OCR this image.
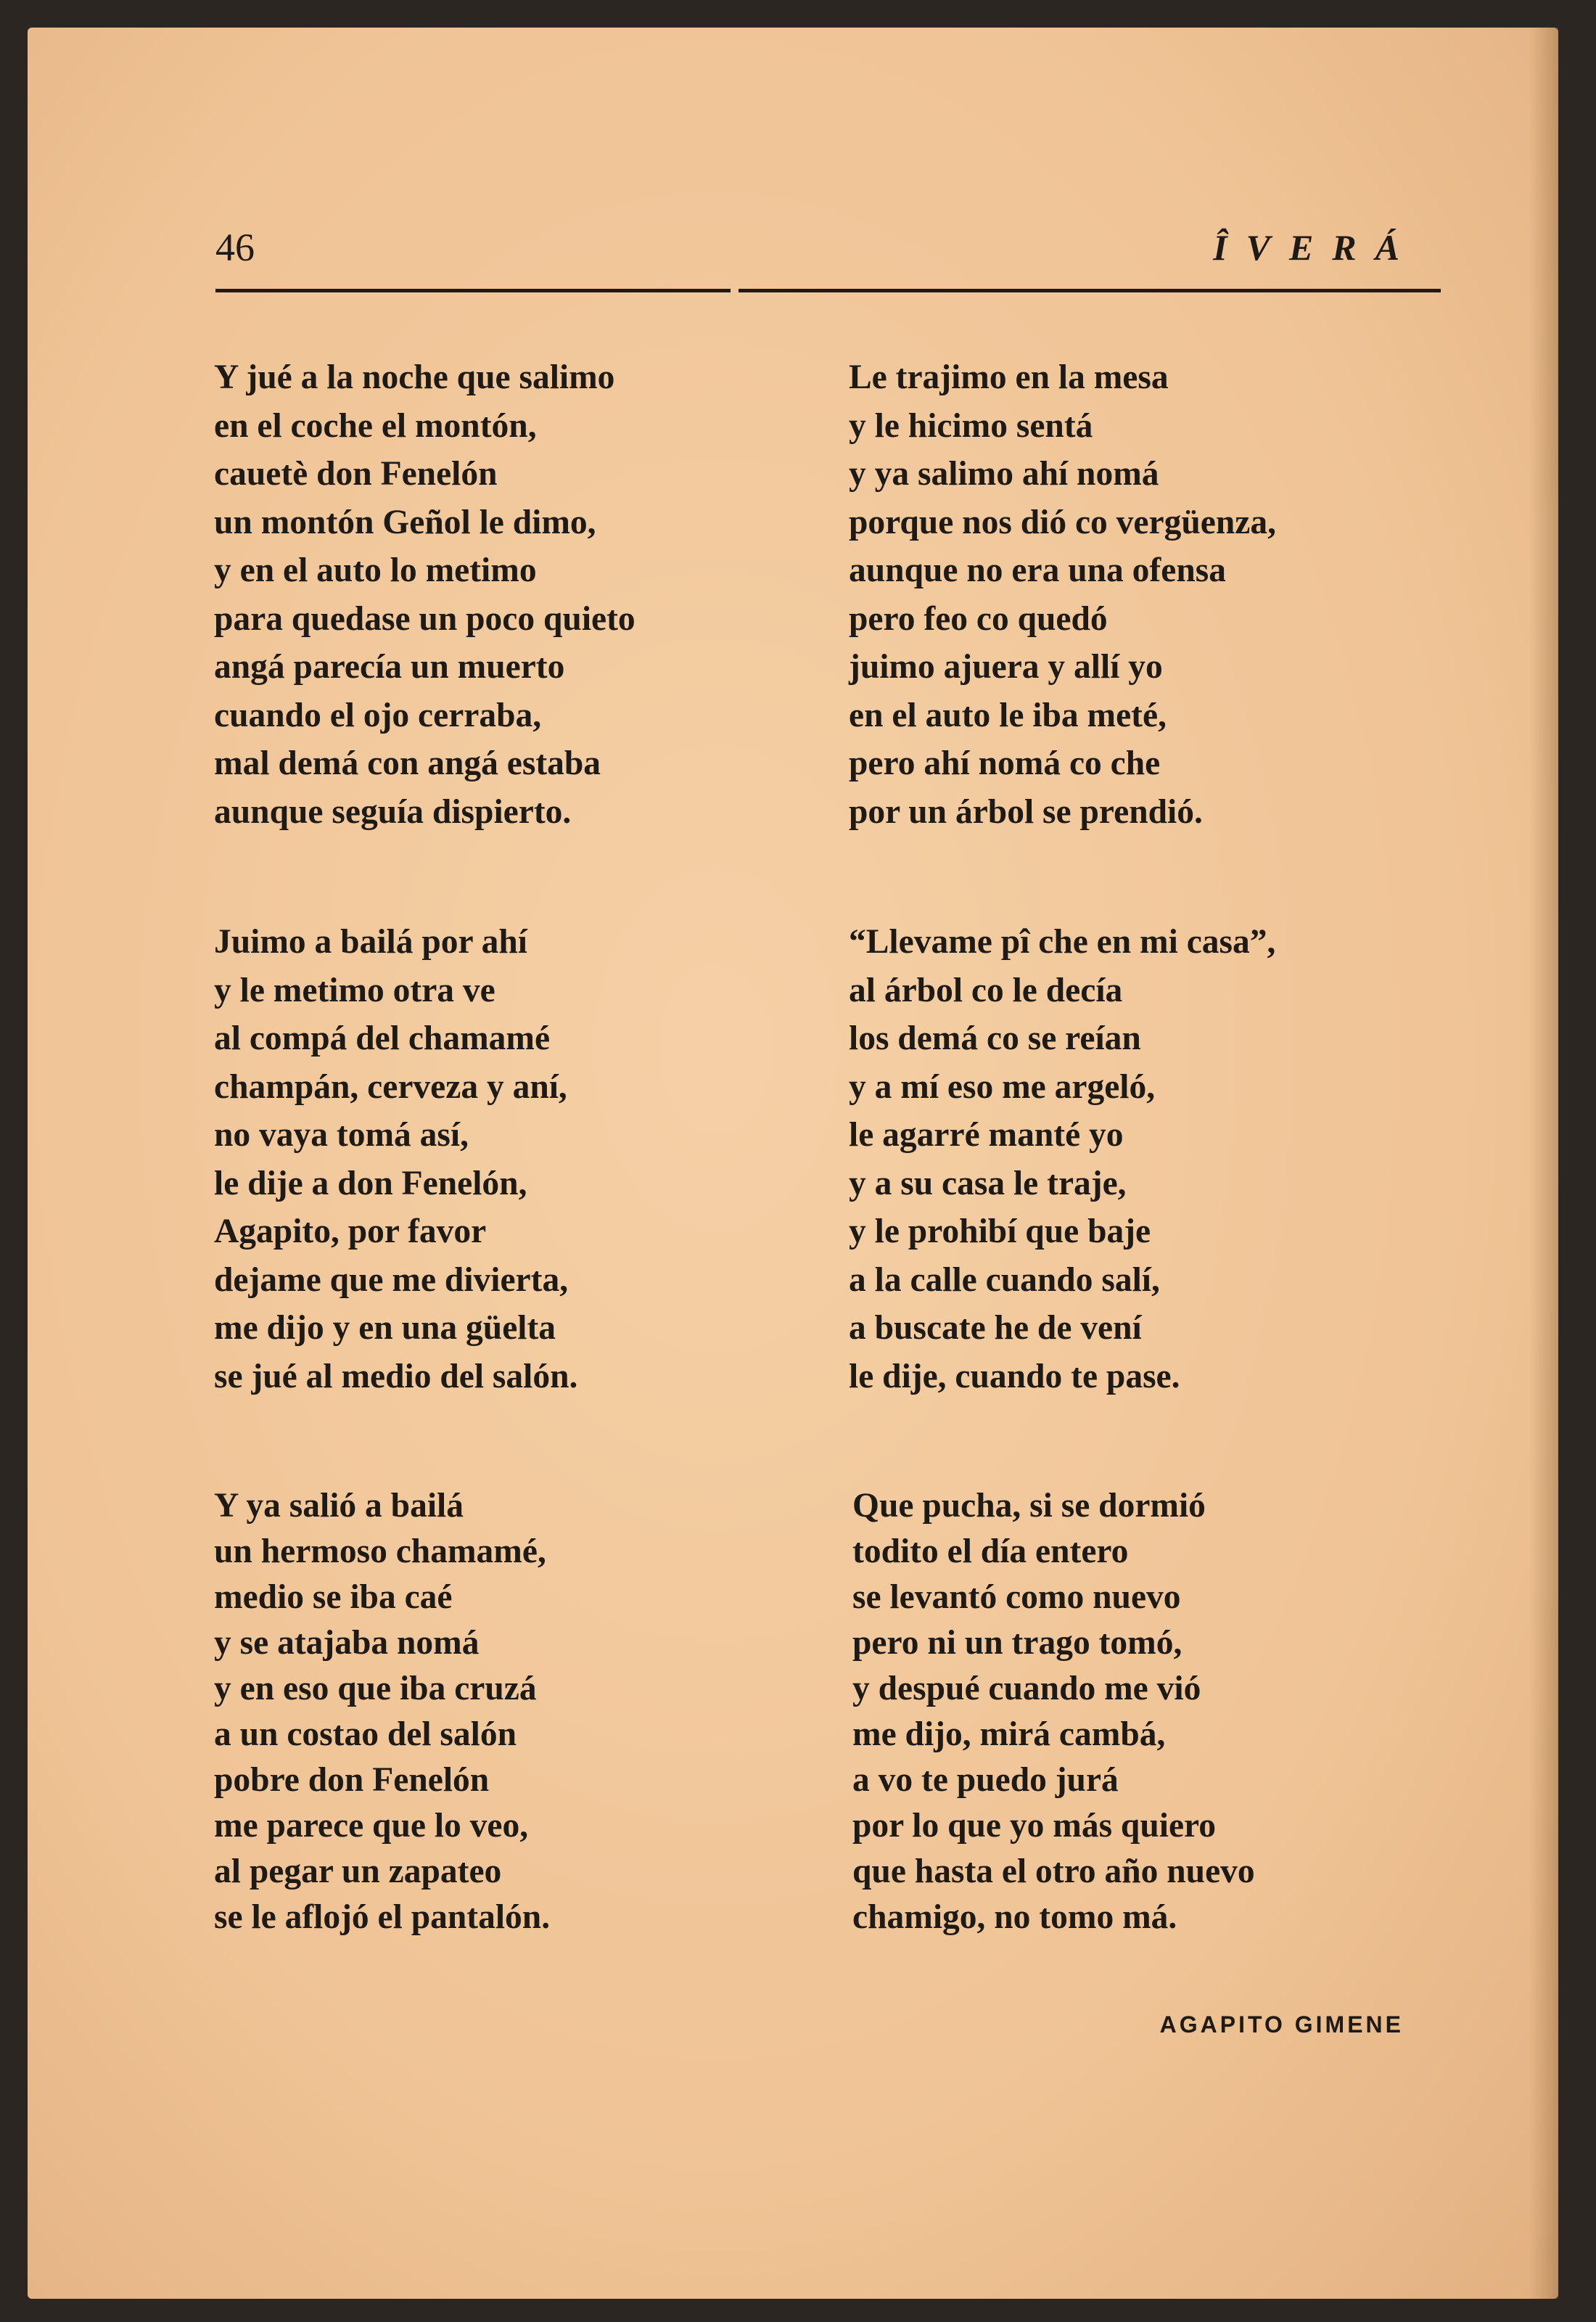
46	ÎVERÁ
Y jué a la noche que salimo
en el coche el montón,
cauetè don Fenelón
un montón Geñol le dimo,
y en el auto lo metimo
para quedase un poco quieto
angá parecía un muerto
cuando el ojo cerraba,
mal demá con angá estaba
aunque seguía dispierto.
Juimo a bailá por ahí
y le metimo otra ve
al compá del chamamé
champán, cerveza y aní,
no vaya tomá así,
le dije a don Fenelón,
Agapito, por favor
dejame que me divierta,
me dijo y en una güelta
se jué al medio del salón.
Y ya salió a bailá
un hermoso chamamé,
medio se iba caé
y se atajaba nomá
y en eso que iba cruzá
a un costao del salón
pobre don Fenelón
me parece que lo veo,
al pegar un zapateo
se le aflojó el pantalón.
Le trajimo en la mesa
y le hicimo sentá
y ya salimo ahí nomá
porque nos dió co vergüenza,
aunque no era una ofensa
pero feo co quedó
juimo ajuera y allí yo
en el auto le iba meté,
pero ahí nomá co che
por un árbol se prendió.
“Llevame pî che en mi casa”,
al árbol co le decía
los demá co se reían
y a mí eso me argeló,
le agarré manté yo
y a su casa le traje,
y le prohibí que baje
a la calle cuando salí,
a buscate he de vení
le dije, cuando te pase.
Que pucha, si se dormió
todito el día entero
se levantó como nuevo
pero ni un trago tomó,
y despué cuando me vió
me dijo, mirá cambá,
a vo te puedo jurá
por lo que yo más quiero
que hasta el otro año nuevo
chamigo, no tomo má.
AGAPITO GIMENE
